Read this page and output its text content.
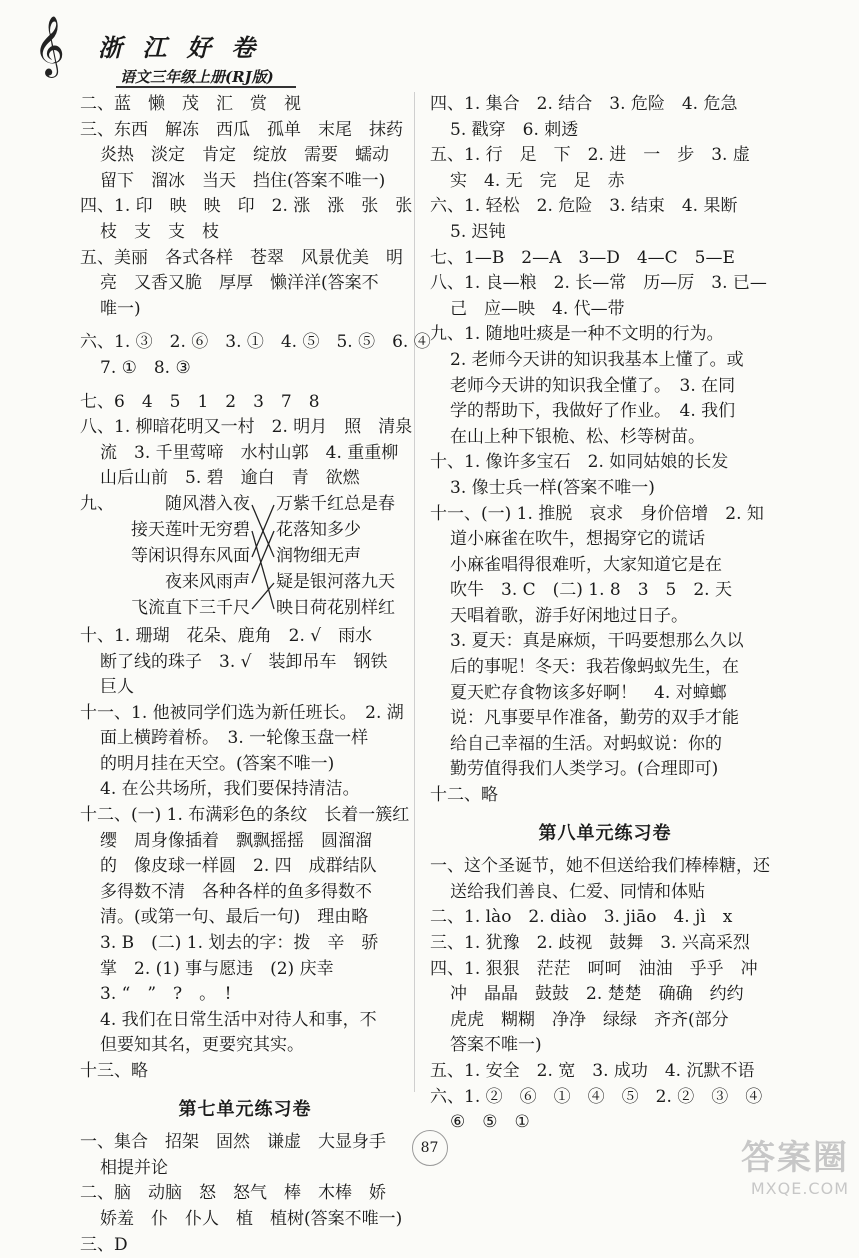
𝄞 浙 江 好 卷
语文三年级上册(RJ版)
二、蓝　懒　茂　汇　赏　视
三、东西　解冻　西瓜　孤单　末尾　抹药
炎热　淡定　肯定　绽放　需要　蠕动
留下　溜冰　当天　挡住(答案不唯一)
四、1. 印　映　映　印　2. 涨　涨　张　张
枝　支　支　枝
五、美丽　各式各样　苍翠　风景优美　明
亮　又香又脆　厚厚　懒洋洋(答案不
唯一)
六、1. ③　2. ⑥　3. ①　4. ⑤　5. ⑤　6. ④
7. ①　8. ③
七、6　4　5　1　2　3　7　8
八、1. 柳暗花明又一村　2. 明月　照　清泉
流　3. 千里莺啼　水村山郭　4. 重重柳
山后山前　5. 碧　逾白　青　欲燃
九、	随风潜入夜
接天莲叶无穷碧
等闲识得东风面
夜来风雨声
飞流直下三千尺
万紫千红总是春
花落知多少
润物细无声
疑是银河落九天
映日荷花别样红
十、1. 珊瑚　花朵、鹿角　2. √　雨水
断了线的珠子　3. √　装卸吊车　钢铁
巨人
十一、1. 他被同学们选为新任班长。　2. 湖
面上横跨着桥。　3. 一轮像玉盘一样
的明月挂在天空。(答案不唯一)
4. 在公共场所，我们要保持清洁。
十二、(一) 1. 布满彩色的条纹　长着一簇红
缨　周身像插着　飘飘摇摇　圆溜溜
的　像皮球一样圆　2. 四　成群结队
多得数不清　各种各样的鱼多得数不
清。(或第一句、最后一句)　理由略
3. B　(二) 1. 划去的字：拨　辛　骄
掌　2. (1) 事与愿违　(2) 庆幸
3. “　”　?　。　!
4. 我们在日常生活中对待人和事，不
但要知其名，更要究其实。
十三、略
第七单元练习卷
一、集合　招架　固然　谦虚　大显身手
相提并论
二、脑　动脑　怒　怒气　棒　木棒　娇
娇羞　仆　仆人　植　植树(答案不唯一)
三、D
四、1. 集合　2. 结合　3. 危险　4. 危急
5. 戳穿　6. 刺透
五、1. 行　足　下　2. 进　一　步　3. 虚
实　4. 无　完　足　赤
六、1. 轻松　2. 危险　3. 结束　4. 果断
5. 迟钝
七、1—B　2—A　3—D　4—C　5—E
八、1. 良—粮　2. 长—常　历—厉　3. 已—
己　应—映　4. 代—带
九、1. 随地吐痰是一种不文明的行为。
2. 老师今天讲的知识我基本上懂了。或
老师今天讲的知识我全懂了。　3. 在同
学的帮助下，我做好了作业。　4. 我们
在山上种下银桅、松、杉等树苗。
十、1. 像许多宝石　2. 如同姑娘的长发
3. 像士兵一样(答案不唯一)
十一、(一) 1. 推脱　哀求　身价倍增　2. 知
道小麻雀在吹牛，想揭穿它的谎话
小麻雀唱得很难听，大家知道它是在
吹牛　3. C　(二) 1. 8　3　5　2. 天
天唱着歌，游手好闲地过日子。
3. 夏天：真是麻烦，干吗要想那么久以
后的事呢！冬天：我若像蚂蚁先生，在
夏天贮存食物该多好啊！　4. 对蟑螂
说：凡事要早作准备，勤劳的双手才能
给自己幸福的生活。对蚂蚁说：你的
勤劳值得我们人类学习。(合理即可)
十二、略
第八单元练习卷
一、这个圣诞节，她不但送给我们棒棒糖，还
送给我们善良、仁爱、同情和体贴
二、1. lào　2. diào　3. jiāo　4. jì　x
三、1. 犹豫　2. 歧视　鼓舞　3. 兴高采烈
四、1. 狠狠　茫茫　呵呵　油油　乎乎　冲
冲　晶晶　鼓鼓　2. 楚楚　确确　约约
虎虎　糊糊　净净　绿绿　齐齐(部分
答案不唯一)
五、1. 安全　2. 宽　3. 成功　4. 沉默不语
六、1. ②　⑥　①　④　⑤　2. ②　③　④
⑥　⑤　①
87	答案圈
MXQE.COM
